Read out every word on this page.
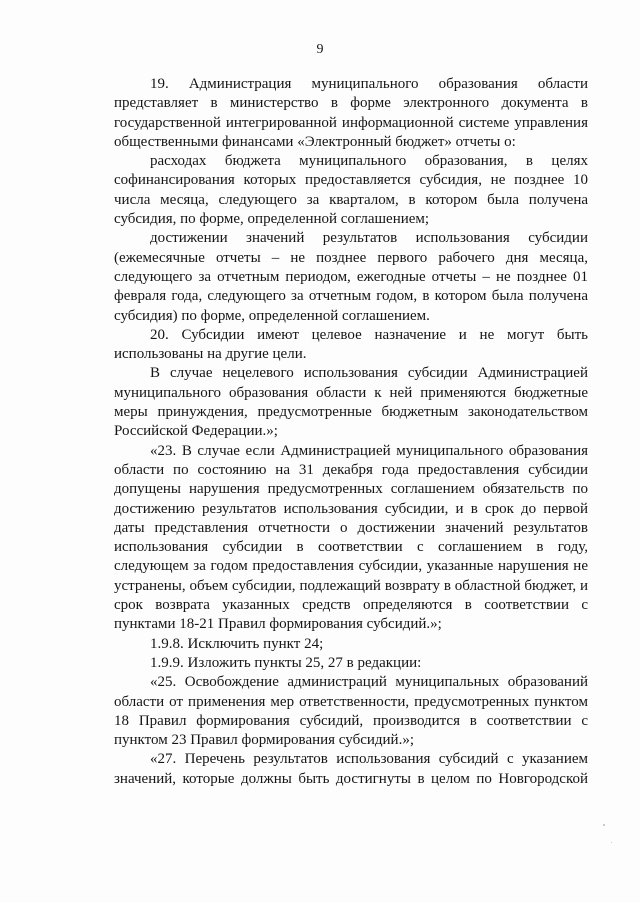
9

19. Администрация муниципального образования области представляет в министерство в форме электронного документа в государственной интегрированной информационной системе управления общественными финансами «Электронный бюджет» отчеты о:

расходах бюджета муниципального образования, в целях софинансирования которых предоставляется субсидия, не позднее 10 числа месяца, следующего за кварталом, в котором была получена субсидия, по форме, определенной соглашением;

достижении значений результатов использования субсидии (ежемесячные отчеты – не позднее первого рабочего дня месяца, следующего за отчетным периодом, ежегодные отчеты – не позднее 01 февраля года, следующего за отчетным годом, в котором была получена субсидия) по форме, определенной соглашением.

20. Субсидии имеют целевое назначение и не могут быть использованы на другие цели.

В случае нецелевого использования субсидии Администрацией муниципального образования области к ней применяются бюджетные меры принуждения, предусмотренные бюджетным законодательством Российской Федерации.»;

«23. В случае если Администрацией муниципального образования области по состоянию на 31 декабря года предоставления субсидии допущены нарушения предусмотренных соглашением обязательств по достижению результатов использования субсидии, и в срок до первой даты представления отчетности о достижении значений результатов использования субсидии в соответствии с соглашением в году, следующем за годом предоставления субсидии, указанные нарушения не устранены, объем субсидии, подлежащий возврату в областной бюджет, и срок возврата указанных средств определяются в соответствии с пунктами 18-21 Правил формирования субсидий.»;

1.9.8. Исключить пункт 24;

1.9.9. Изложить пункты 25, 27 в редакции:

«25. Освобождение администраций муниципальных образований области от применения мер ответственности, предусмотренных пунктом 18 Правил формирования субсидий, производится в соответствии с пунктом 23 Правил формирования субсидий.»;

«27. Перечень результатов использования субсидий с указанием значений, которые должны быть достигнуты в целом по Новгородской
